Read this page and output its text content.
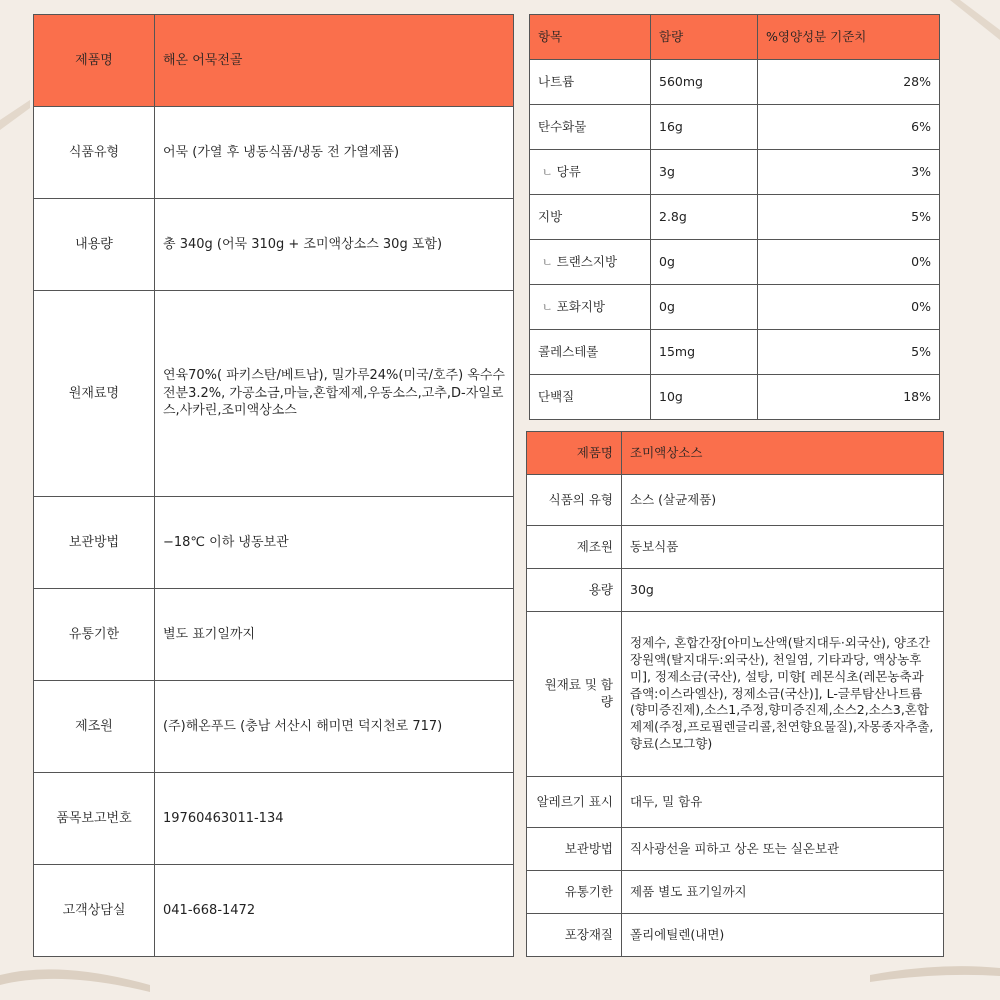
제품명	해온 어묵전골
식품유형	어묵 (가열 후 냉동식품/냉동 전 가열제품)
내용량	총 340g (어묵 310g + 조미액상소스 30g 포함)
원재료명	연육70%( 파키스탄/베트남), 밀가루24%(미국/호주) 옥수수전분3.2%, 가공소금,마늘,혼합제제,우동소스,고추,D-자일로스,사카린,조미액상소스
보관방법	−18℃ 이하 냉동보관
유통기한	별도 표기일까지
제조원	(주)해온푸드 (충남 서산시 해미면 덕지천로 717)
품목보고번호	19760463011-134
고객상담실	041-668-1472
항목	함량	%영양성분 기준치
나트륨	560mg	28%
탄수화물	16g	6%
ㄴ 당류	3g	3%
지방	2.8g	5%
ㄴ 트랜스지방	0g	0%
ㄴ 포화지방	0g	0%
콜레스테롤	15mg	5%
단백질	10g	18%
제품명	조미액상소스
식품의 유형	소스 (살균제품)
제조원	동보식품
용량	30g
원재료 및 함량	정제수, 혼합간장[아미노산액(탈지대두·외국산), 양조간장원액(탈지대두:외국산), 천일염, 기타과당, 액상농후미], 정제소금(국산), 설탕, 미향[ 레몬식초(레몬농축과즙액:이스라엘산), 정제소금(국산)], L-글루탐산나트륨(향미증진제),소스1,주정,향미증진제,소스2,소스3,혼합제제(주정,프로필렌글리콜,천연향요물질),자몽종자추출,향료(스모그향)
알레르기 표시	대두, 밀 함유
보관방법	직사광선을 피하고 상온 또는 실온보관
유통기한	제품 별도 표기일까지
포장재질	폴리에틸렌(내면)
